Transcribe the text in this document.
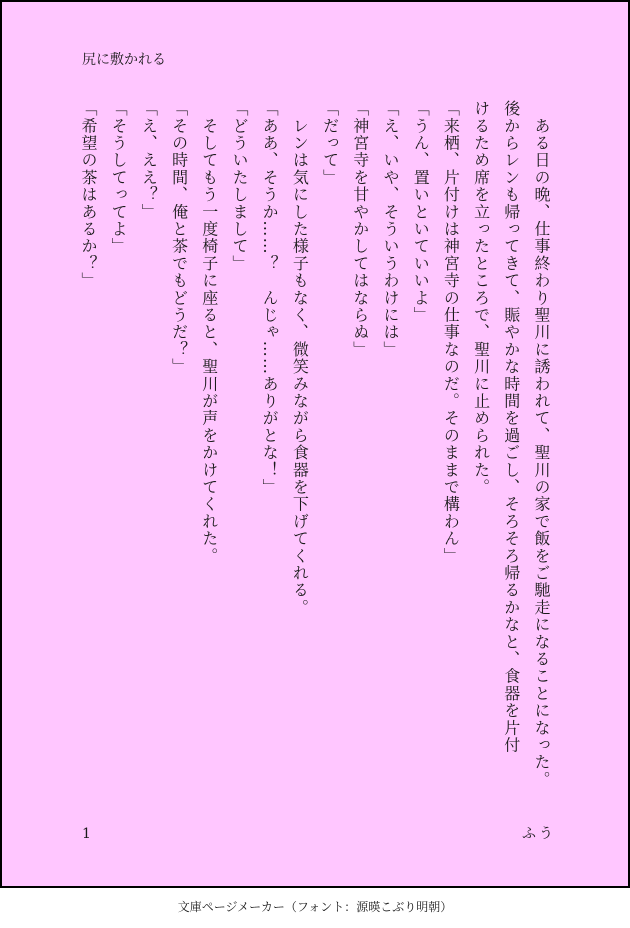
尻に敷かれる
　ある日の晩、仕事終わり聖川に誘われて、聖川の家で飯をご馳走になることになった。
後からレンも帰ってきて、賑やかな時間を過ごし、そろそろ帰るかなと、食器を片付
けるため席を立ったところで、聖川に止められた。
「来栖、片付けは神宮寺の仕事なのだ。そのままで構わん」
「うん、置いといていいよ」
「え、いや、そういうわけには」
「神宮寺を甘やかしてはならぬ」
「だって」
　レンは気にした様子もなく、微笑みながら食器を下げてくれる。
「ああ、そうか……？　んじゃ……ありがとな！」
「どういたしまして」
　そしてもう一度椅子に座ると、聖川が声をかけてくれた。
「その時間、俺と茶でもどうだ？」
「え、ええ？」
「そうしてってよ」
「希望の茶はあるか？」
1	ふう
文庫ページメーカー（フォント：源暎こぶり明朝）
